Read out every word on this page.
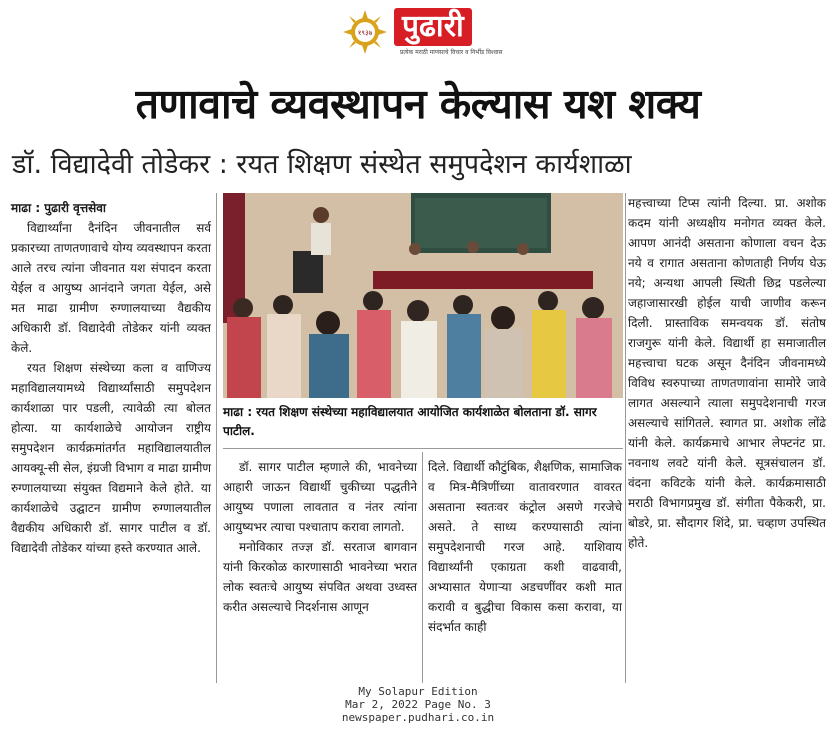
१९३७ पुढारी
प्रत्येक मराठी माणसाचे विचार व निर्भीड विश्वास
तणावाचे व्यवस्थापन केल्यास यश शक्य
डॉ. विद्यादेवी तोडेकर : रयत शिक्षण संस्थेत समुपदेशन कार्यशाळा

माढा : पुढारी वृत्तसेवा

विद्यार्थ्यांना दैनंदिन जीवनातील सर्व प्रकारच्या ताणतणावाचे योग्य व्यवस्थापन करता आले तरच त्यांना जीवनात यश संपादन करता येईल व आयुष्य आनंदाने जगता येईल, असे मत माढा ग्रामीण रुग्णालयाच्या वैद्यकीय अधिकारी डॉ. विद्यादेवी तोडेकर यांनी व्यक्त केले.

रयत शिक्षण संस्थेच्या कला व वाणिज्य महाविद्यालयामध्ये विद्यार्थ्यांसाठी समुपदेशन कार्यशाळा पार पडली, त्यावेळी त्या बोलत होत्या. या कार्यशाळेचे आयोजन राष्ट्रीय समुपदेशन कार्यक्रमांतर्गत महाविद्यालयातील आयक्यू-सी सेल, इंग्रजी विभाग व माढा ग्रामीण रुग्णालयाच्या संयुक्त विद्यमाने केले होते. या कार्यशाळेचे उद्घाटन ग्रामीण रुग्णालयातील वैद्यकीय अधिकारी डॉ. सागर पाटील व डॉ. विद्यादेवी तोडेकर यांच्या हस्ते करण्यात आले.

माढा : रयत शिक्षण संस्थेच्या महाविद्यालयात आयोजित कार्यशाळेत बोलताना डॉ. सागर पाटील.

डॉ. सागर पाटील म्हणाले की, भावनेच्या आहारी जाऊन विद्यार्थी चुकीच्या पद्धतीने आयुष्य पणाला लावतात व नंतर त्यांना आयुष्यभर त्याचा पश्चाताप करावा लागतो.

मनोविकार तज्ज्ञ डॉ. सरताज बागवान यांनी किरकोळ कारणासाठी भावनेच्या भरात लोक स्वतःचे आयुष्य संपवित अथवा उध्वस्त करीत असल्याचे निदर्शनास आणून

दिले. विद्यार्थी कौटुंबिक, शैक्षणिक, सामाजिक व मित्र-मैत्रिणींच्या वातावरणात वावरत असताना स्वतःवर कंट्रोल असणे गरजेचे असते. ते साध्य करण्यासाठी त्यांना समुपदेशनाची गरज आहे. याशिवाय विद्यार्थ्यांनी एकाग्रता कशी वाढवावी, अभ्यासात येणाऱ्या अडचणींवर कशी मात करावी व बुद्धीचा विकास कसा करावा, या संदर्भात काही

महत्त्वाच्या टिप्स त्यांनी दिल्या. प्रा. अशोक कदम यांनी अध्यक्षीय मनोगत व्यक्त केले. आपण आनंदी असताना कोणाला वचन देऊ नये व रागात असताना कोणताही निर्णय घेऊ नये; अन्यथा आपली स्थिती छिद्र पडलेल्या जहाजासारखी होईल याची जाणीव करून दिली. प्रास्ताविक समन्वयक डॉ. संतोष राजगुरू यांनी केले. विद्यार्थी हा समाजातील महत्त्वाचा घटक असून दैनंदिन जीवनामध्ये विविध स्वरुपाच्या ताणतणावांना सामोरे जावे लागत असल्याने त्याला समुपदेशनाची गरज असल्याचे सांगितले. स्वागत प्रा. अशोक लोंढे यांनी केले. कार्यक्रमाचे आभार लेफ्टनंट प्रा. नवनाथ लवटे यांनी केले. सूत्रसंचालन डॉ. वंदना कविटके यांनी केले. कार्यक्रमासाठी मराठी विभागप्रमुख डॉ. संगीता पैकेकरी, प्रा. बोडरे, प्रा. सौदागर शिंदे, प्रा. चव्हाण उपस्थित होते.

My Solapur Edition
Mar 2, 2022 Page No. 3
newspaper.pudhari.co.in
